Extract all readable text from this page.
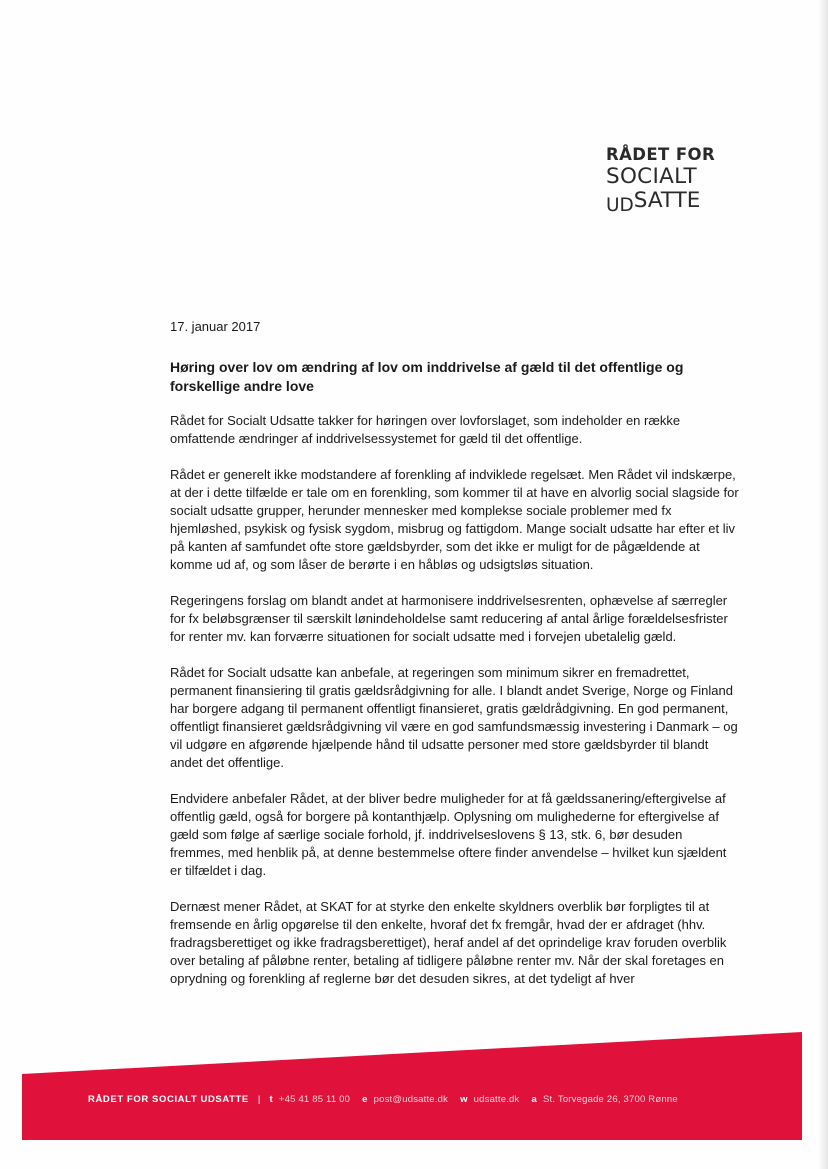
RÅDET FOR
SOCIALT
UDSATTE

17. januar 2017

Høring over lov om ændring af lov om inddrivelse af gæld til det offentlige og forskellige andre love

Rådet for Socialt Udsatte takker for høringen over lovforslaget, som indeholder en række omfattende ændringer af inddrivelsessystemet for gæld til det offentlige.

Rådet er generelt ikke modstandere af forenkling af indviklede regelsæt. Men Rådet vil indskærpe, at der i dette tilfælde er tale om en forenkling, som kommer til at have en alvorlig social slagside for socialt udsatte grupper, herunder mennesker med komplekse sociale problemer med fx hjemløshed, psykisk og fysisk sygdom, misbrug og fattigdom. Mange socialt udsatte har efter et liv på kanten af samfundet ofte store gældsbyrder, som det ikke er muligt for de pågældende at komme ud af, og som låser de berørte i en håbløs og udsigtsløs situation.

Regeringens forslag om blandt andet at harmonisere inddrivelsesrenten, ophævelse af særregler for fx beløbsgrænser til særskilt lønindeholdelse samt reducering af antal årlige forældelsesfrister for renter mv. kan forværre situationen for socialt udsatte med i forvejen ubetalelig gæld.

Rådet for Socialt udsatte kan anbefale, at regeringen som minimum sikrer en fremadrettet, permanent finansiering til gratis gældsrådgivning for alle. I blandt andet Sverige, Norge og Finland har borgere adgang til permanent offentligt finansieret, gratis gældrådgivning. En god permanent, offentligt finansieret gældsrådgivning vil være en god samfundsmæssig investering i Danmark – og vil udgøre en afgørende hjælpende hånd til udsatte personer med store gældsbyrder til blandt andet det offentlige.

Endvidere anbefaler Rådet, at der bliver bedre muligheder for at få gældssanering/eftergivelse af offentlig gæld, også for borgere på kontanthjælp. Oplysning om mulighederne for eftergivelse af gæld som følge af særlige sociale forhold, jf. inddrivelseslovens § 13, stk. 6, bør desuden fremmes, med henblik på, at denne bestemmelse oftere finder anvendelse – hvilket kun sjældent er tilfældet i dag.

Dernæst mener Rådet, at SKAT for at styrke den enkelte skyldners overblik bør forpligtes til at fremsende en årlig opgørelse til den enkelte, hvoraf det fx fremgår, hvad der er afdraget (hhv. fradragsberettiget og ikke fradragsberettiget), heraf andel af det oprindelige krav foruden overblik over betaling af påløbne renter, betaling af tidligere påløbne renter mv. Når der skal foretages en oprydning og forenkling af reglerne bør det desuden sikres, at det tydeligt af hver

RÅDET FOR SOCIALT UDSATTE | t +45 41 85 11 00 e post@udsatte.dk w udsatte.dk a St. Torvegade 26, 3700 Rønne
